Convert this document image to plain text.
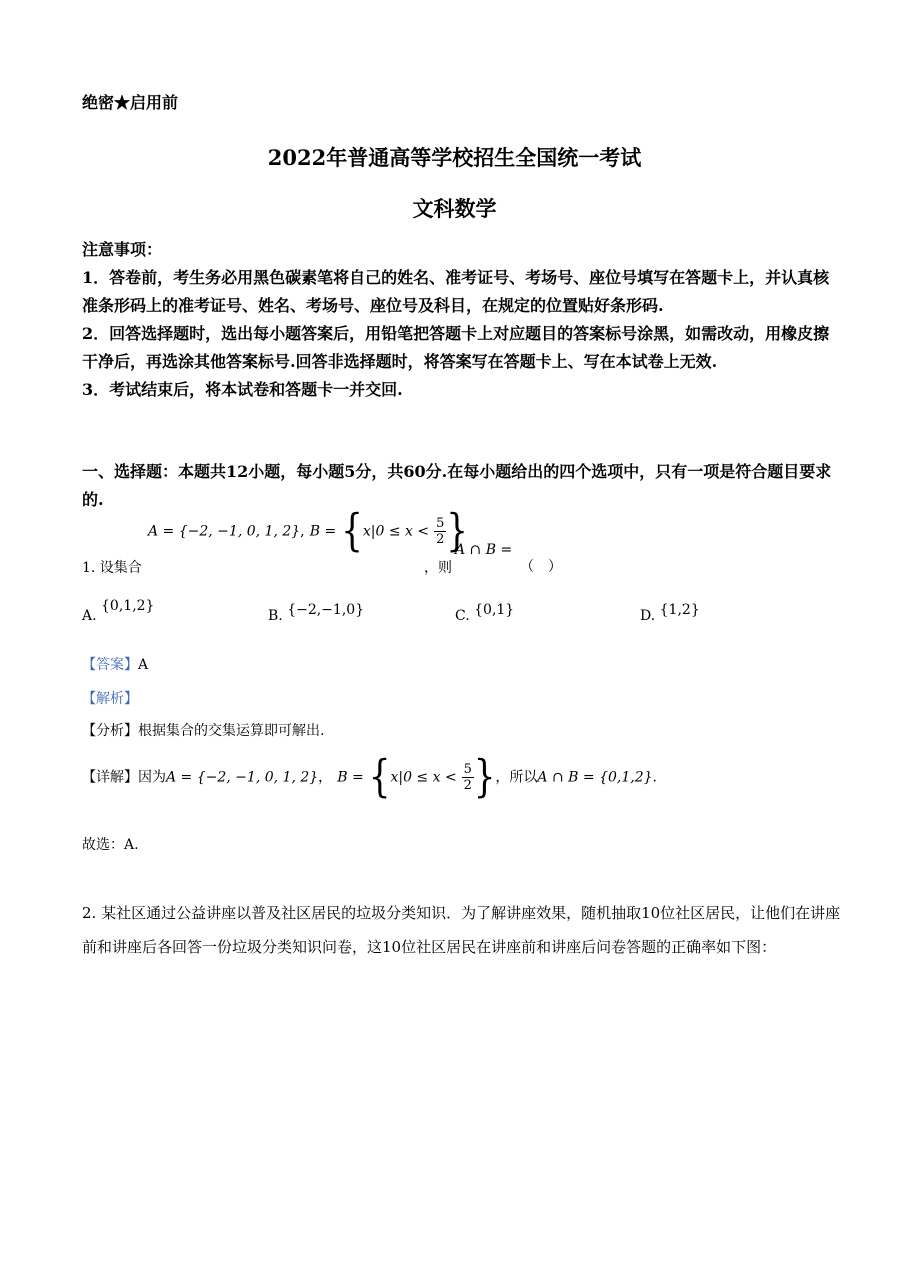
绝密★启用前
2022年普通高等学校招生全国统一考试
文科数学

注意事项：

1．答卷前，考生务必用黑色碳素笔将自己的姓名、准考证号、考场号、座位号填写在答题卡上，并认真核准条形码上的准考证号、姓名、考场号、座位号及科目，在规定的位置贴好条形码.

2．回答选择题时，选出每小题答案后，用铅笔把答题卡上对应题目的答案标号涂黑，如需改动，用橡皮擦干净后，再选涂其他答案标号.回答非选择题时，将答案写在答题卡上、写在本试卷上无效.

3．考试结束后，将本试卷和答题卡一并交回.

一、选择题：本题共12小题，每小题5分，共60分.在每小题给出的四个选项中，只有一项是符合题目要求的.

A = {−2, −1, 0, 1, 2}, $B = \{x|0 \le x < \frac{5}{2}$ }
1. 设集合	，则
A ∩ B =
（　）
A. {0,1,2}
B. {−2,−1,0}	C. {0,1}	D. {1,2}
【答案】A
【解析】
【分析】根据集合的交集运算即可解出.
【详解】因为A = {−2, −1, 0, 1, 2}， $B = \{x|0 \le x < \frac{5}{2}$ }，所以A ∩ B = {0,1,2}.
故选：A.

2. 某社区通过公益讲座以普及社区居民的垃圾分类知识．为了解讲座效果，随机抽取10位社区居民，让他们在讲座前和讲座后各回答一份垃圾分类知识问卷，这10位社区居民在讲座前和讲座后问卷答题的正确率如下图：
